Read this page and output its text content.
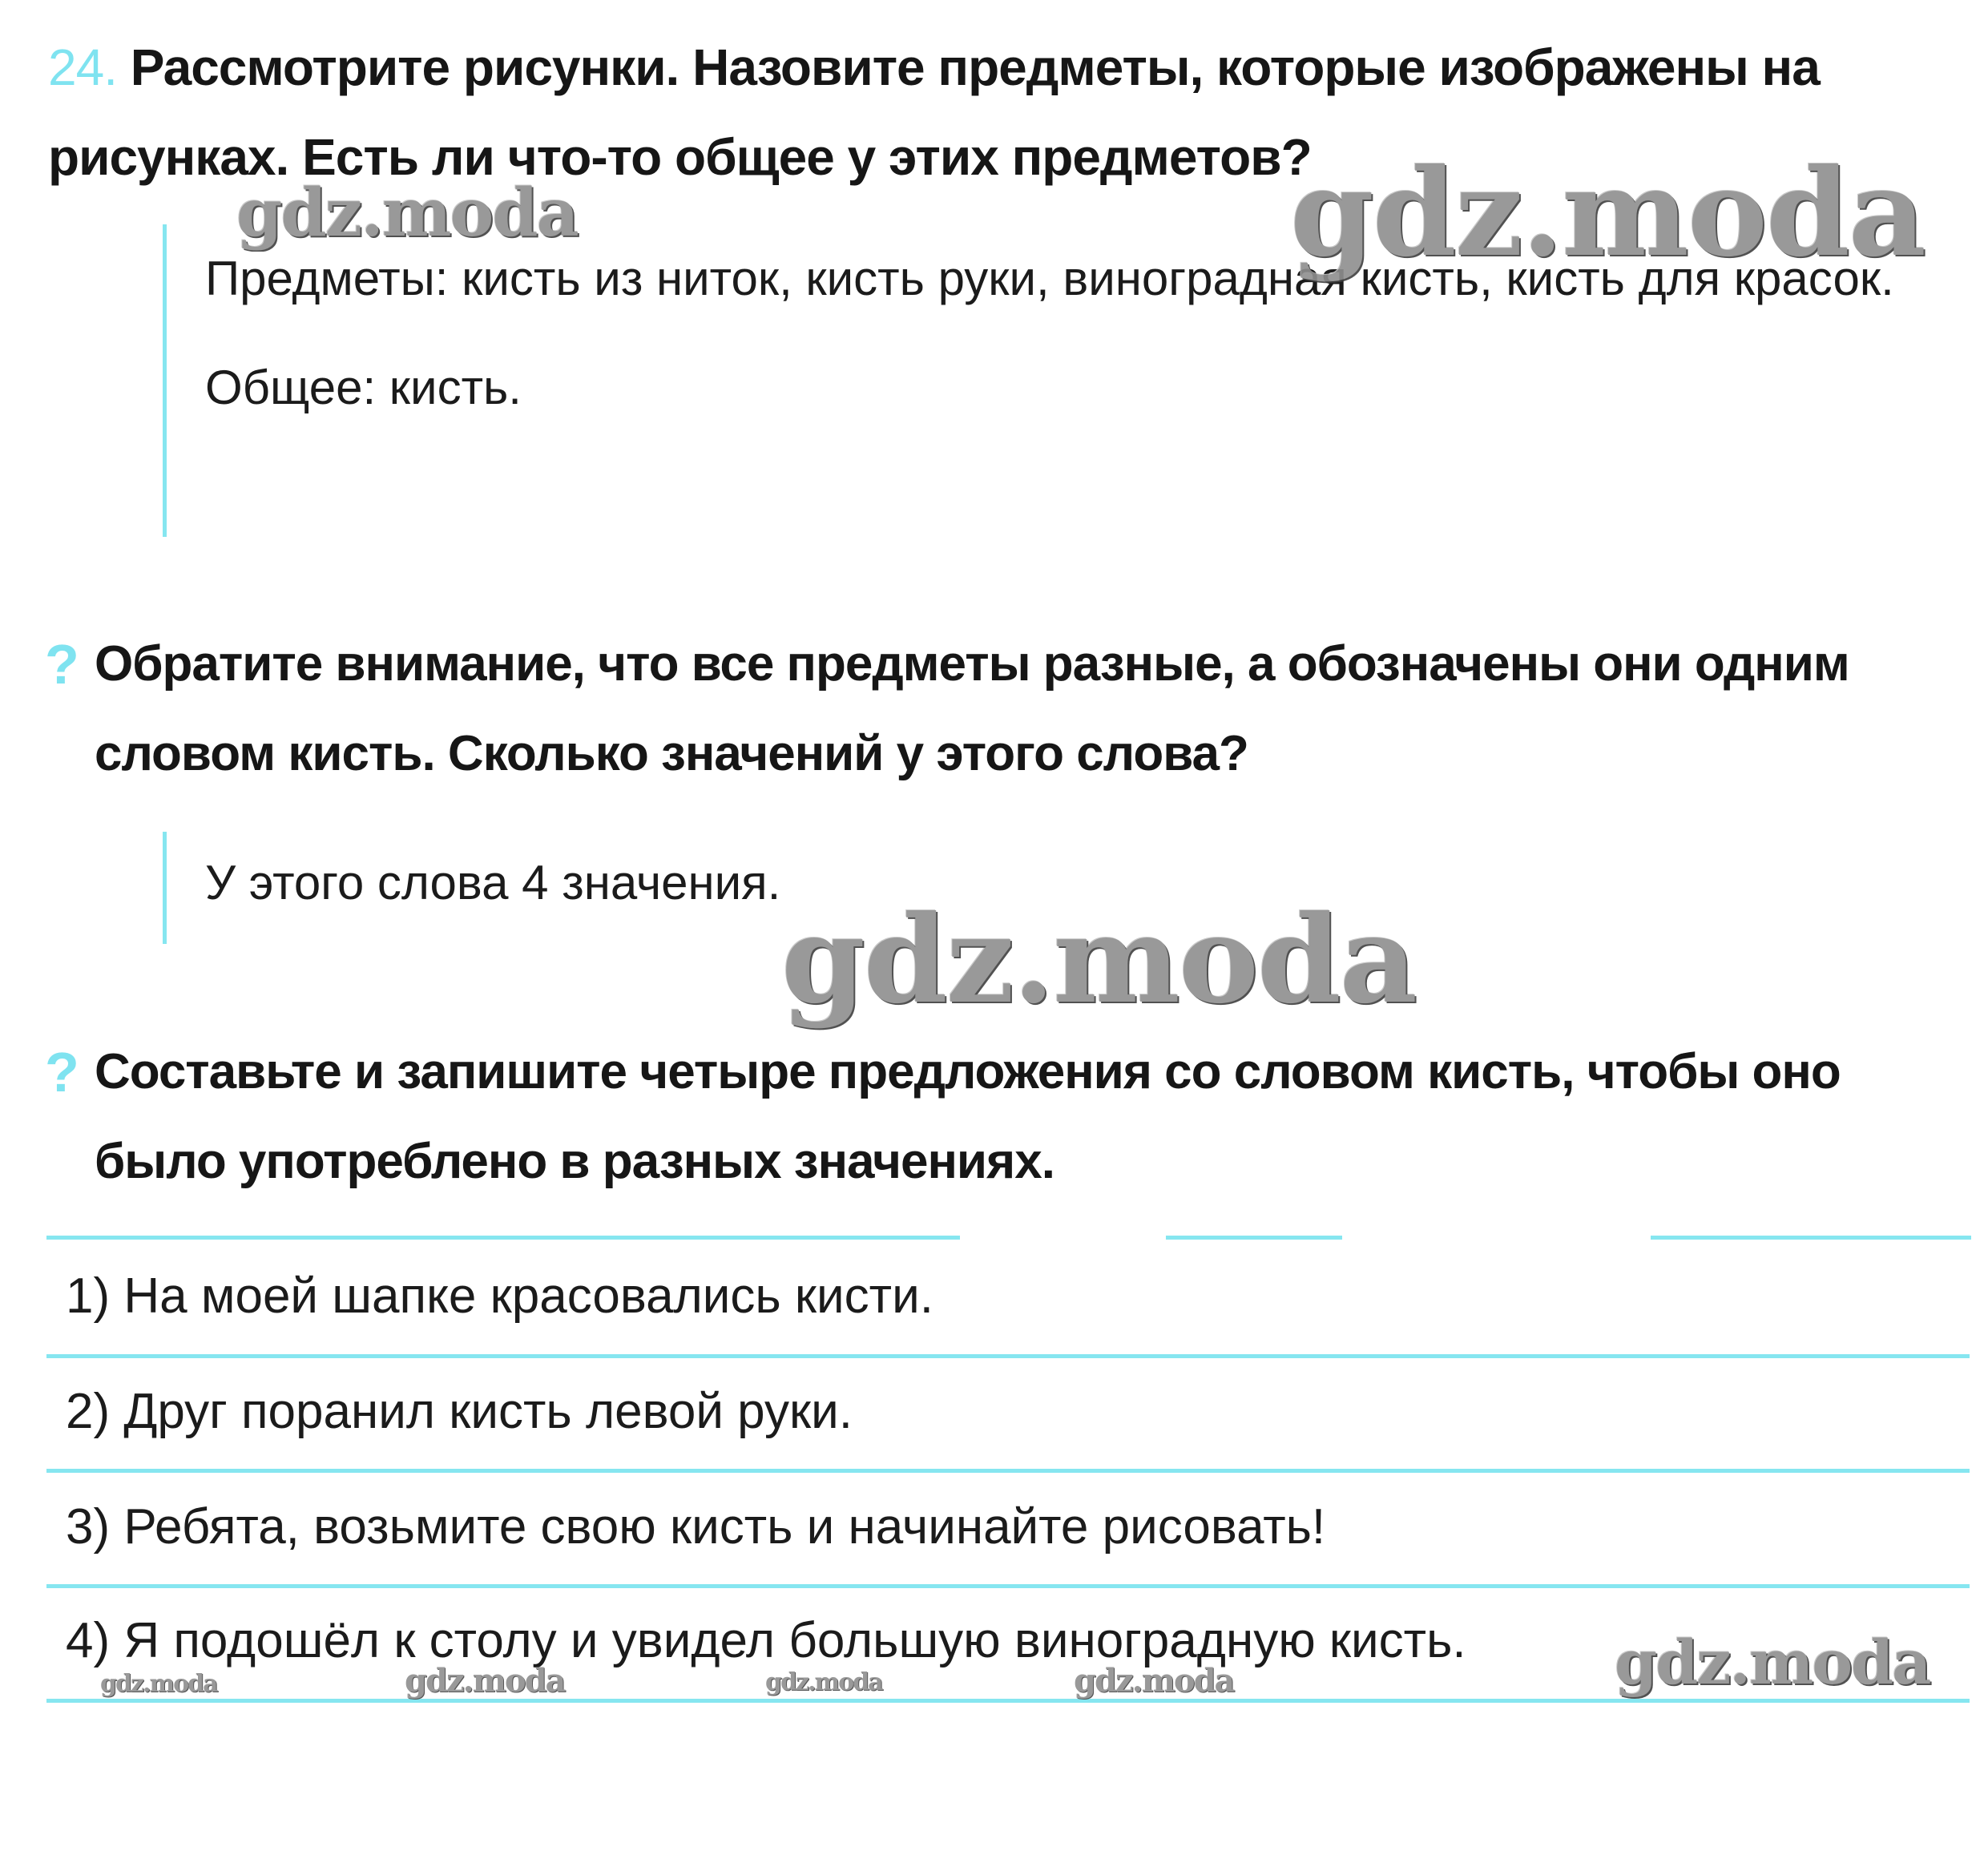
24. Рассмотрите рисунки. Назовите предметы, которые изображены на рисунках. Есть ли что-то общее у этих предметов?

Предметы: кисть из ниток, кисть руки, виноградная кисть, кисть для красок.

Общее: кисть.

? Обратите внимание, что все предметы разные, а обозначены они одним словом кисть. Сколько значений у этого слова?

У этого слова 4 значения.

? Составьте и запишите четыре предложения со словом кисть, чтобы оно было употреблено в разных значениях.
1) На моей шапке красовались кисти.
2) Друг поранил кисть левой руки.
3) Ребята, возьмите свою кисть и начинайте рисовать!
4) Я подошёл к столу и увидел большую виноградную кисть.
gdz.moda	gdz.moda
gdz.moda
gdz.moda
gdz.moda	gdz.moda	gdz.moda	gdz.moda
